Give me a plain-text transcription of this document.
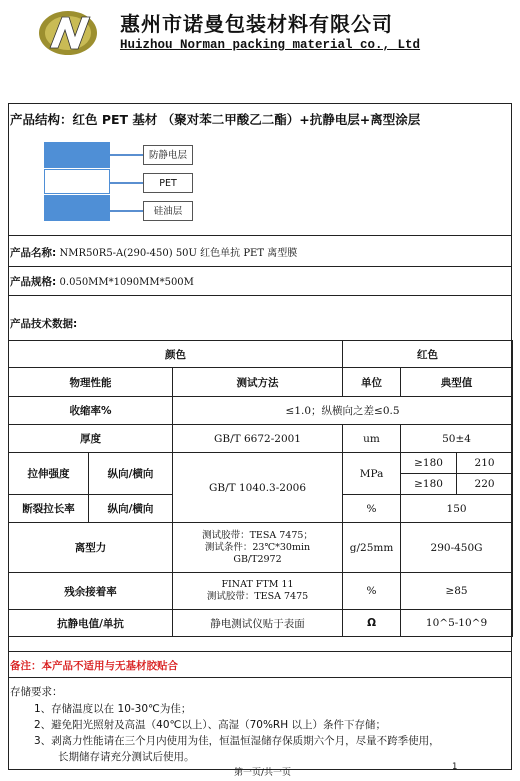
惠州市诺曼包装材料有限公司
Huizhou Norman packing material co., Ltd
产品结构：红色 PET 基材 （聚对苯二甲酸乙二酯）+抗静电层+离型涂层
防静电层
PET
硅油层
产品名称: NMR50R5-A(290-450) 50U 红色单抗 PET 离型膜
产品规格: 0.050MM*1090MM*500M
产品技术数据:
颜色			红色		
物理性能		测试方法	单位	典型值	
收缩率%		≤1.0；纵横向之差≤0.5			
厚度		GB/T 6672-2001	um	50±4	
拉伸强度	纵向/横向	GB/T 1040.3-2006	MPa	≥180	210
				≥180	220
断裂拉长率	纵向/横向		%	150	
离型力		测试胶带：TESA 7475；
测试条件：23℃*30min
GB/T2972	g/25mm	290-450G	
残余接着率		FINAT FTM 11
测试胶带：TESA 7475	%	≥85	
抗静电值/单抗		静电测试仪贴于表面	Ω	10^5-10^9	
备注：本产品不适用与无基材胶贴合
存储要求：
1、存储温度以在 10-30℃为佳；
2、避免阳光照射及高温（40℃以上）、高湿（70%RH 以上）条件下存储；
3、剥离力性能请在三个月内使用为佳，恒温恒湿储存保质期六个月，尽量不跨季使用，
长期储存请充分测试后使用。
第一页/共一页
1
